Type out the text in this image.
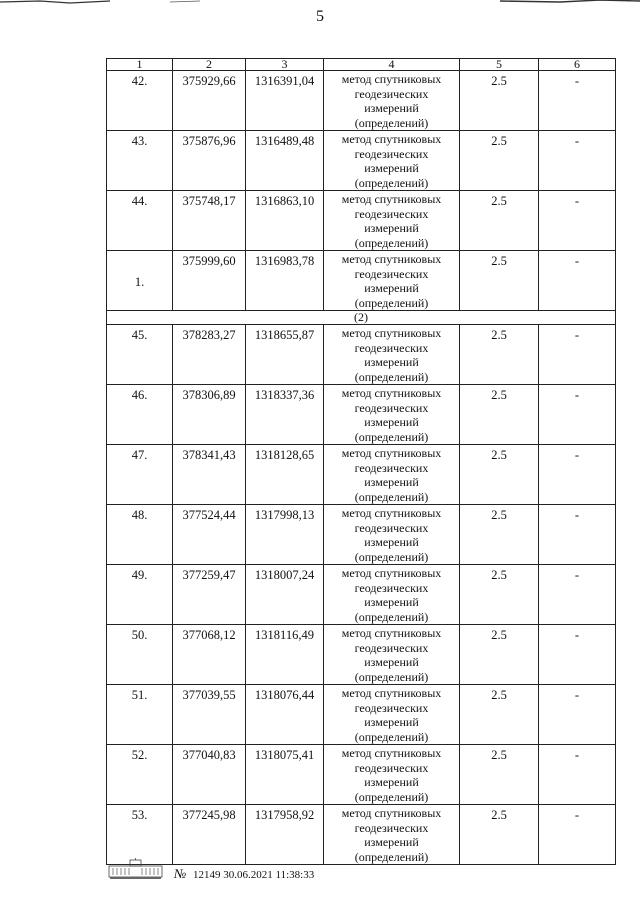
5
1	2	3	4	5	6
42.	375929,66	1316391,04	метод спутниковых
геодезических
измерений
(определений)	2.5	-
43.	375876,96	1316489,48	метод спутниковых
геодезических
измерений
(определений)	2.5	-
44.	375748,17	1316863,10	метод спутниковых
геодезических
измерений
(определений)	2.5	-
1.	375999,60	1316983,78	метод спутниковых
геодезических
измерений
(определений)	2.5	-
(2)					
45.	378283,27	1318655,87	метод спутниковых
геодезических
измерений
(определений)	2.5	-
46.	378306,89	1318337,36	метод спутниковых
геодезических
измерений
(определений)	2.5	-
47.	378341,43	1318128,65	метод спутниковых
геодезических
измерений
(определений)	2.5	-
48.	377524,44	1317998,13	метод спутниковых
геодезических
измерений
(определений)	2.5	-
49.	377259,47	1318007,24	метод спутниковых
геодезических
измерений
(определений)	2.5	-
50.	377068,12	1318116,49	метод спутниковых
геодезических
измерений
(определений)	2.5	-
51.	377039,55	1318076,44	метод спутниковых
геодезических
измерений
(определений)	2.5	-
52.	377040,83	1318075,41	метод спутниковых
геодезических
измерений
(определений)	2.5	-
53.	377245,98	1317958,92	метод спутниковых
геодезических
измерений
(определений)	2.5	-
№ 12149 30.06.2021 11:38:33
